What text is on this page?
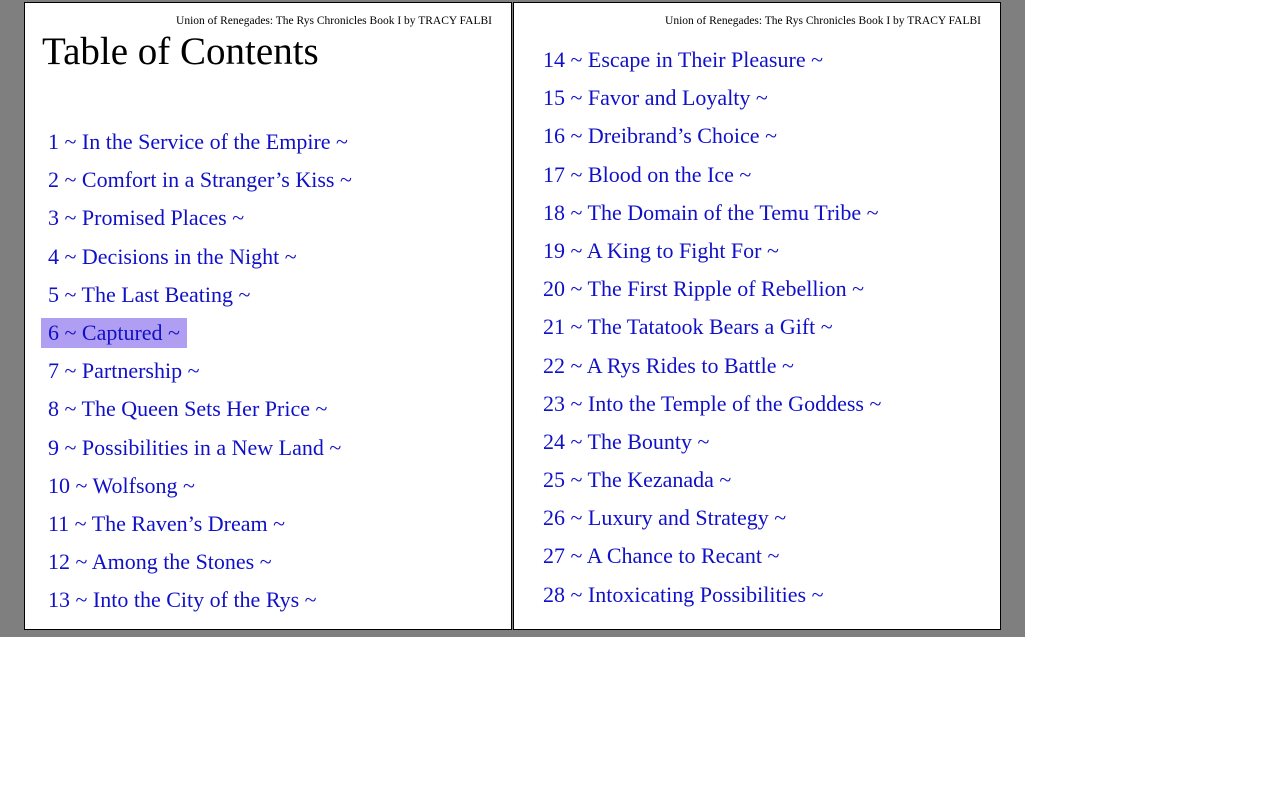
Union of Renegades: The Rys Chronicles Book I by TRACY FALBI
Table of Contents
1 ~ In the Service of the Empire ~
2 ~ Comfort in a Stranger’s Kiss ~
3 ~ Promised Places ~
4 ~ Decisions in the Night ~
5 ~ The Last Beating ~
6 ~ Captured ~
7 ~ Partnership ~
8 ~ The Queen Sets Her Price ~
9 ~ Possibilities in a New Land ~
10 ~ Wolfsong ~
11 ~ The Raven’s Dream ~
12 ~ Among the Stones ~
13 ~ Into the City of the Rys ~
Union of Renegades: The Rys Chronicles Book I by TRACY FALBI
14 ~ Escape in Their Pleasure ~
15 ~ Favor and Loyalty ~
16 ~ Dreibrand’s Choice ~
17 ~ Blood on the Ice ~
18 ~ The Domain of the Temu Tribe ~
19 ~ A King to Fight For ~
20 ~ The First Ripple of Rebellion ~
21 ~ The Tatatook Bears a Gift ~
22 ~ A Rys Rides to Battle ~
23 ~ Into the Temple of the Goddess ~
24 ~ The Bounty ~
25 ~ The Kezanada ~
26 ~ Luxury and Strategy ~
27 ~ A Chance to Recant ~
28 ~ Intoxicating Possibilities ~
